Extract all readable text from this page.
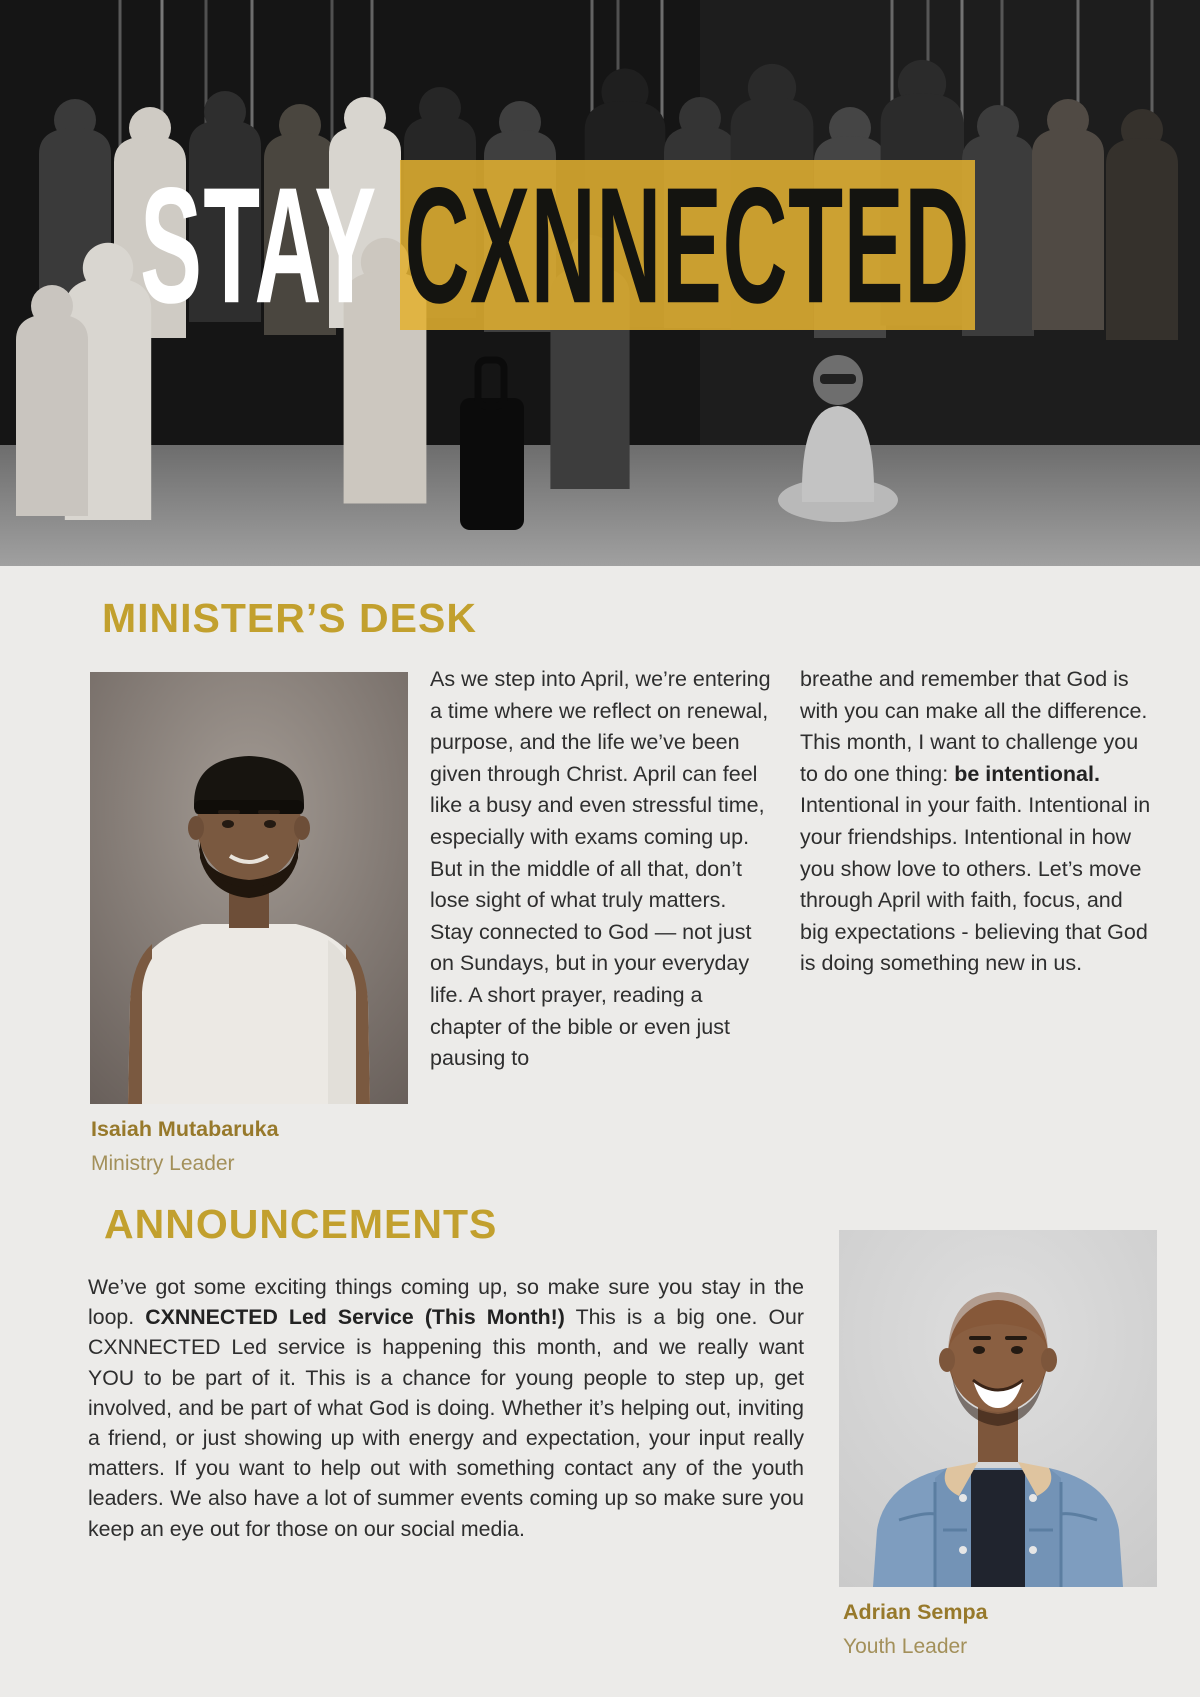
STAY CXNNECTED
MINISTER’S DESK
As we step into April, we’re entering a time where we reflect on renewal, purpose, and the life we’ve been given through Christ. April can feel like a busy and even stressful time, especially with exams coming up. But in the middle of all that, don’t lose sight of what truly matters. Stay connected to God — not just on Sundays, but in your everyday life. A short prayer, reading a chapter of the bible or even just pausing to
breathe and remember that God is with you can make all the difference. This month, I want to challenge you to do one thing: be intentional. Intentional in your faith. Intentional in your friendships. Intentional in how you show love to others. Let’s move through April with faith, focus, and big expectations - believing that God is doing something new in us.
Isaiah Mutabaruka
Ministry Leader
ANNOUNCEMENTS
We’ve got some exciting things coming up, so make sure you stay in the loop. CXNNECTED Led Service (This Month!) This is a big one. Our CXNNECTED Led service is happening this month, and we really want YOU to be part of it. This is a chance for young people to step up, get involved, and be part of what God is doing. Whether it’s helping out, inviting a friend, or just showing up with energy and expectation, your input really matters. If you want to help out with something contact any of the youth leaders. We also have a lot of summer events coming up so make sure you keep an eye out for those on our social media.
Adrian Sempa
Youth Leader
